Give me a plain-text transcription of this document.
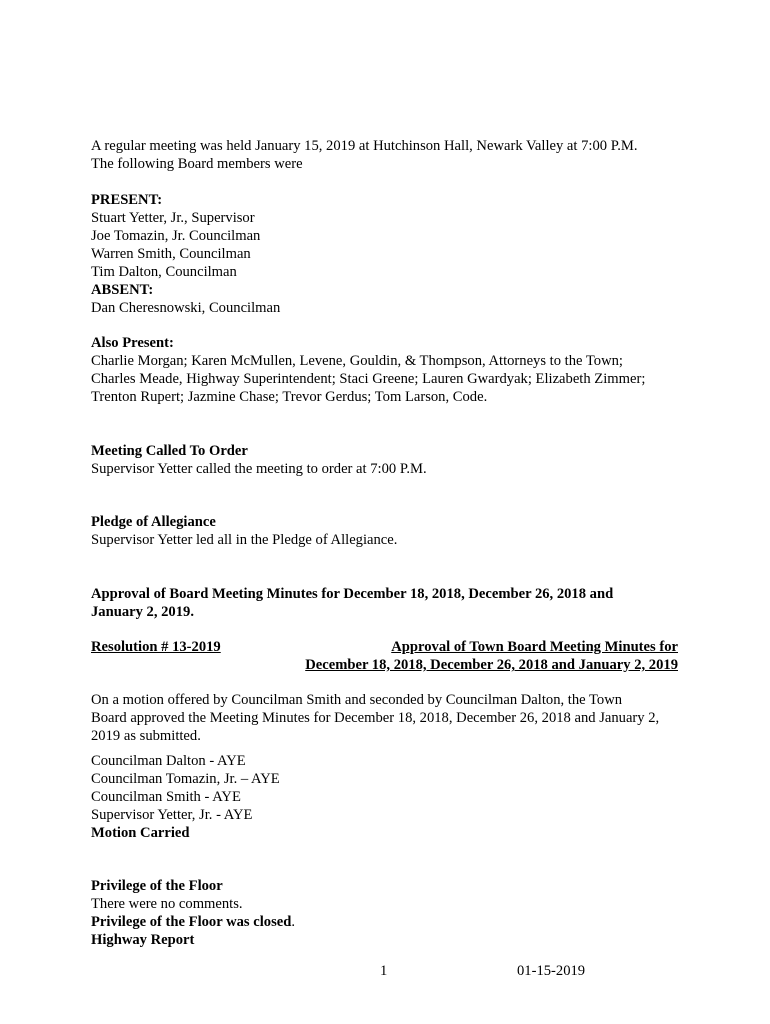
A regular meeting was held January 15, 2019 at Hutchinson Hall, Newark Valley at 7:00 P.M.

The following Board members were

PRESENT:

Stuart Yetter, Jr., Supervisor

Joe Tomazin, Jr. Councilman

Warren Smith, Councilman

Tim Dalton, Councilman

ABSENT:

Dan Cheresnowski, Councilman

Also Present:

Charlie Morgan; Karen McMullen, Levene, Gouldin, & Thompson, Attorneys to the Town;

Charles Meade, Highway Superintendent; Staci Greene; Lauren Gwardyak; Elizabeth Zimmer;

Trenton Rupert; Jazmine Chase; Trevor Gerdus; Tom Larson, Code.

Meeting Called To Order

Supervisor Yetter called the meeting to order at 7:00 P.M.

Pledge of Allegiance

Supervisor Yetter led all in the Pledge of Allegiance.

Approval of Board Meeting Minutes for December 18, 2018, December 26, 2018 and

January 2, 2019.

Resolution # 13-2019	Approval of Town Board Meeting Minutes for

December 18, 2018, December 26, 2018 and January 2, 2019

On a motion offered by Councilman Smith and seconded by Councilman Dalton, the Town

Board approved the Meeting Minutes for December 18, 2018, December 26, 2018 and January 2,

2019 as submitted.

Councilman Dalton - AYE

Councilman Tomazin, Jr. – AYE

Councilman Smith - AYE

Supervisor Yetter, Jr. - AYE

Motion Carried

Privilege of the Floor

There were no comments.

Privilege of the Floor was closed.

Highway Report

1	01-15-2019
